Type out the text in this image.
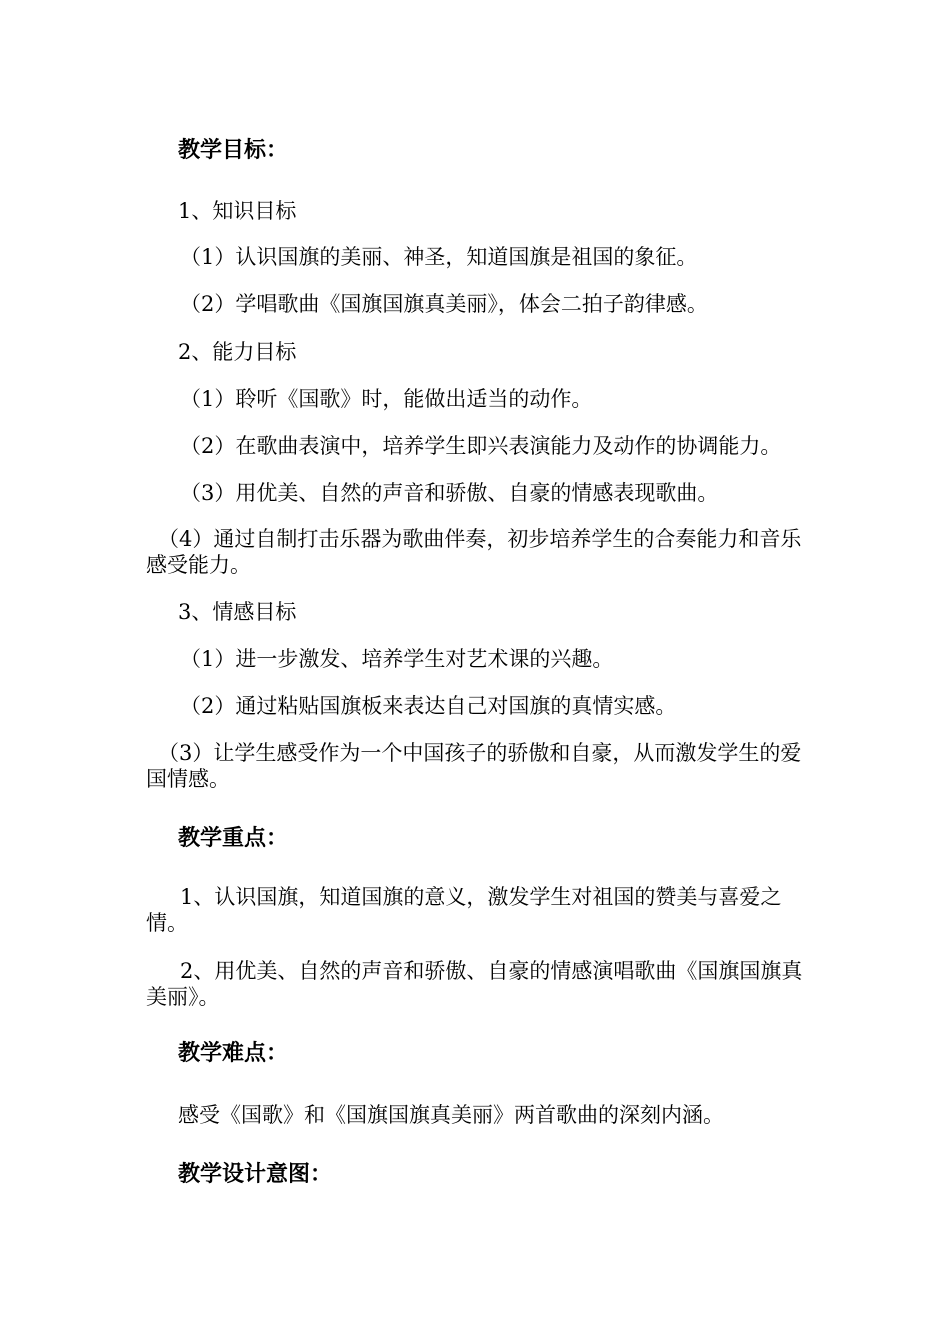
教学目标：
1、知识目标
（1）认识国旗的美丽、神圣，知道国旗是祖国的象征。
（2）学唱歌曲《国旗国旗真美丽》，体会二拍子韵律感。
2、能力目标
（1）聆听《国歌》时，能做出适当的动作。
（2）在歌曲表演中，培养学生即兴表演能力及动作的协调能力。
（3）用优美、自然的声音和骄傲、自豪的情感表现歌曲。
（4）通过自制打击乐器为歌曲伴奏，初步培养学生的合奏能力和音乐感受能力。
3、情感目标
（1）进一步激发、培养学生对艺术课的兴趣。
（2）通过粘贴国旗板来表达自己对国旗的真情实感。
（3）让学生感受作为一个中国孩子的骄傲和自豪，从而激发学生的爱国情感。
教学重点：
1、认识国旗，知道国旗的意义，激发学生对祖国的赞美与喜爱之情。
2、用优美、自然的声音和骄傲、自豪的情感演唱歌曲《国旗国旗真美丽》。
教学难点：
感受《国歌》和《国旗国旗真美丽》两首歌曲的深刻内涵。
教学设计意图：
